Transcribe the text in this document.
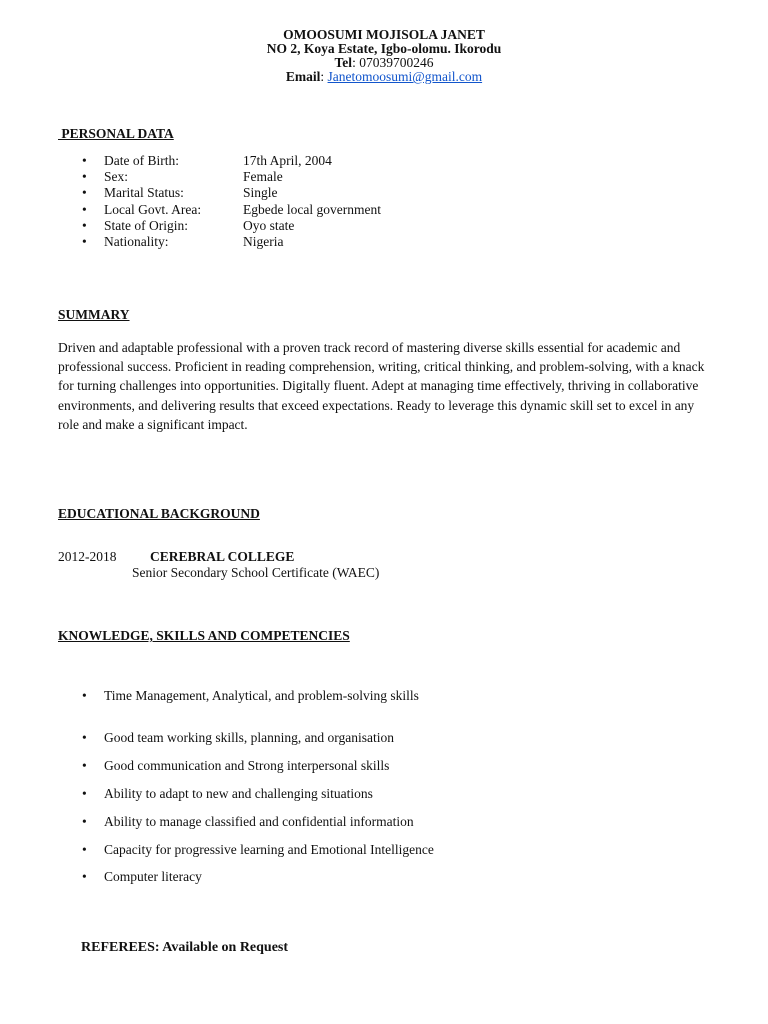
OMOOSUMI MOJISOLA JANET
NO 2, Koya Estate, Igbo-olomu. Ikorodu
Tel: 07039700246
Email: Janetomoosumi@gmail.com
PERSONAL DATA
• Date of Birth:	17th April, 2004
• Sex:	Female
• Marital Status:	Single
• Local Govt. Area:	Egbede local government
• State of Origin:	Oyo state
• Nationality:	Nigeria
SUMMARY
Driven and adaptable professional with a proven track record of mastering diverse skills essential for academic and professional success. Proficient in reading comprehension, writing, critical thinking, and problem-solving, with a knack for turning challenges into opportunities. Digitally fluent. Adept at managing time effectively, thriving in collaborative environments, and delivering results that exceed expectations. Ready to leverage this dynamic skill set to excel in any role and make a significant impact.
EDUCATIONAL BACKGROUND
2012-2018 CEREBRAL COLLEGE
Senior Secondary School Certificate (WAEC)
KNOWLEDGE, SKILLS AND COMPETENCIES
• Time Management, Analytical, and problem-solving skills
• Good team working skills, planning, and organisation
• Good communication and Strong interpersonal skills
• Ability to adapt to new and challenging situations
• Ability to manage classified and confidential information
• Capacity for progressive learning and Emotional Intelligence
• Computer literacy
REFEREES: Available on Request
